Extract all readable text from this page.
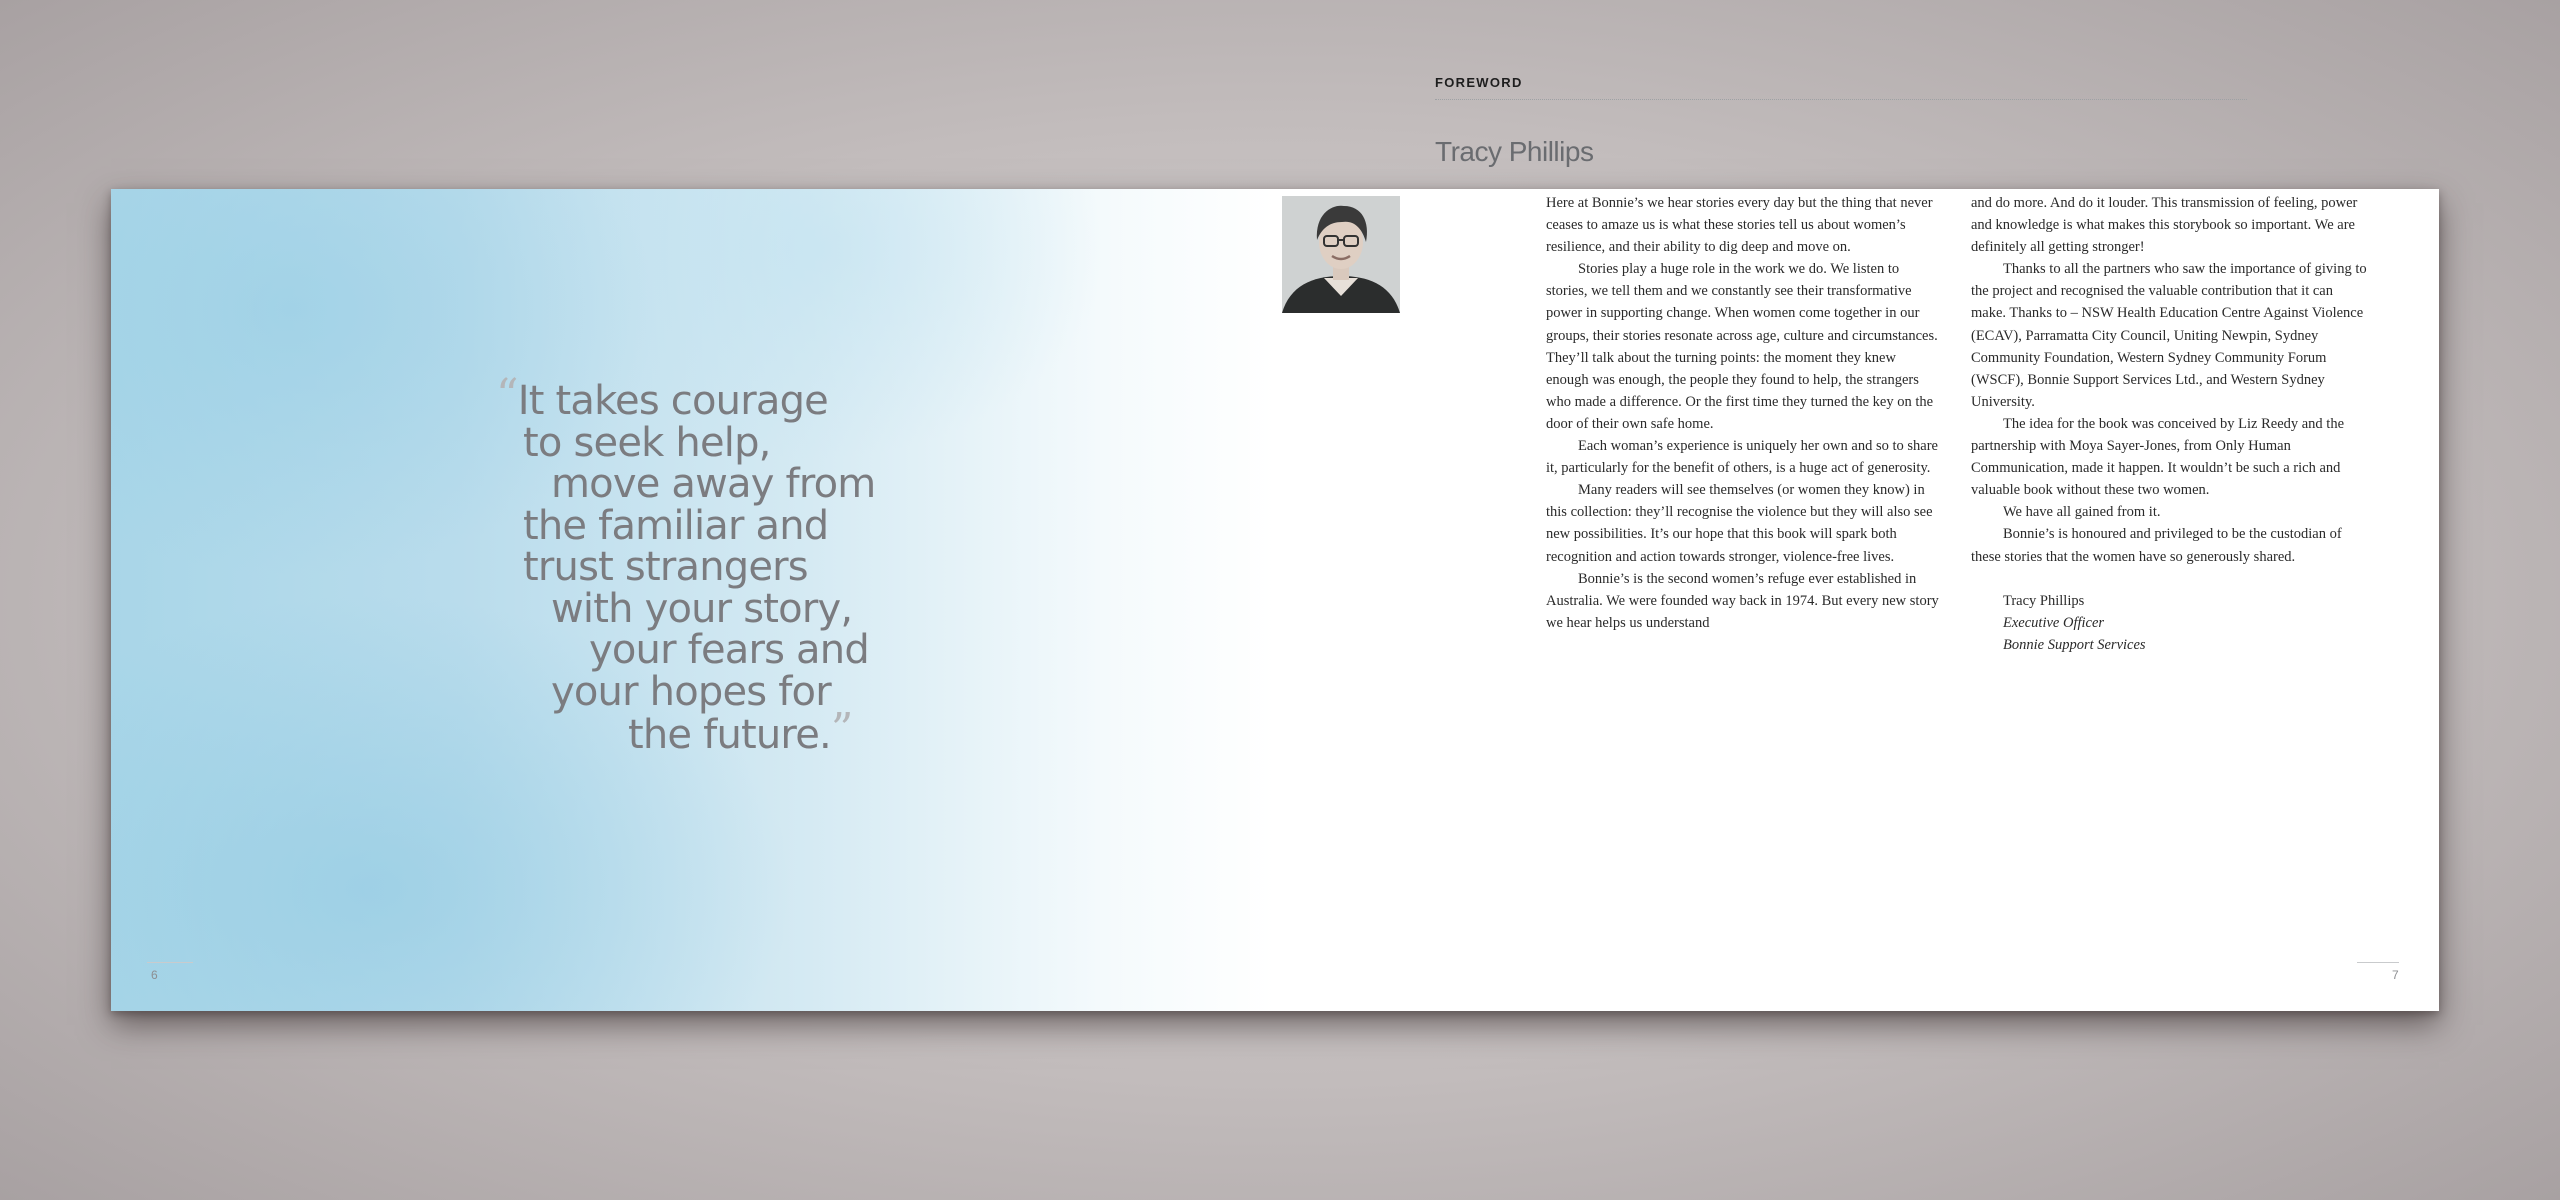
“It takes courage
to seek help,
move away from
the familiar and
trust strangers
with your story,
your fears and
your hopes for
the future.”
6
FOREWORD
Tracy Phillips

Here at Bonnie’s we hear stories every day but the thing that never ceases to amaze us is what these stories tell us about women’s resilience, and their ability to dig deep and move on.

Stories play a huge role in the work we do. We listen to stories, we tell them and we constantly see their transformative power in supporting change. When women come together in our groups, their stories resonate across age, culture and circumstances. They’ll talk about the turning points: the moment they knew enough was enough, the people they found to help, the strangers who made a difference. Or the first time they turned the key on the door of their own safe home.

Each woman’s experience is uniquely her own and so to share it, particularly for the benefit of others, is a huge act of generosity.

Many readers will see themselves (or women they know) in this collection: they’ll recognise the violence but they will also see new possibilities. It’s our hope that this book will spark both recognition and action towards stronger, violence-free lives.

Bonnie’s is the second women’s refuge ever established in Australia. We were founded way back in 1974. But every new story we hear helps us understand

and do more. And do it louder. This transmission of feeling, power and knowledge is what makes this storybook so important. We are definitely all getting stronger!

Thanks to all the partners who saw the importance of giving to the project and recognised the valuable contribution that it can make. Thanks to – NSW Health Education Centre Against Violence (ECAV), Parramatta City Council, Uniting Newpin, Sydney Community Foundation, Western Sydney Community Forum (WSCF), Bonnie Support Services Ltd., and Western Sydney University.

The idea for the book was conceived by Liz Reedy and the partnership with Moya Sayer-Jones, from Only Human Communication, made it happen. It wouldn’t be such a rich and valuable book without these two women.

We have all gained from it.

Bonnie’s is honoured and privileged to be the custodian of these stories that the women have so generously shared.

Tracy Phillips

Executive Officer

Bonnie Support Services

7
